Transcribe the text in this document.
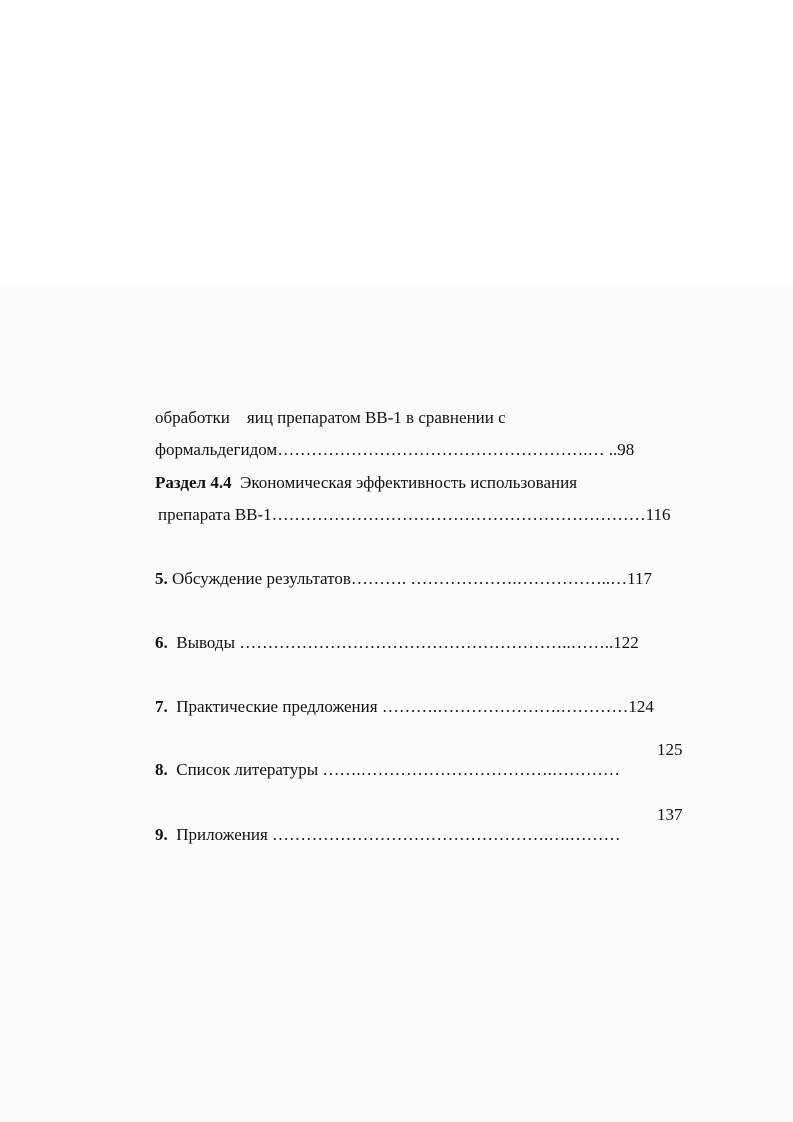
обработки    яиц препаратом ВВ-1 в сравнении с

формальдегидом……………………………………………….… ..98

Раздел 4.4 Экономическая эффективность использования

препарата ВВ-1…………………………………………………………116

5. Обсуждение результатов………. ……………….……………..…117

6. Выводы …………………………………………………..……..122

7. Практические предложения ……….………………….…………124

8. Список литературы …….…………………………….…………

125

9. Приложения ………………………………………….….………

137
